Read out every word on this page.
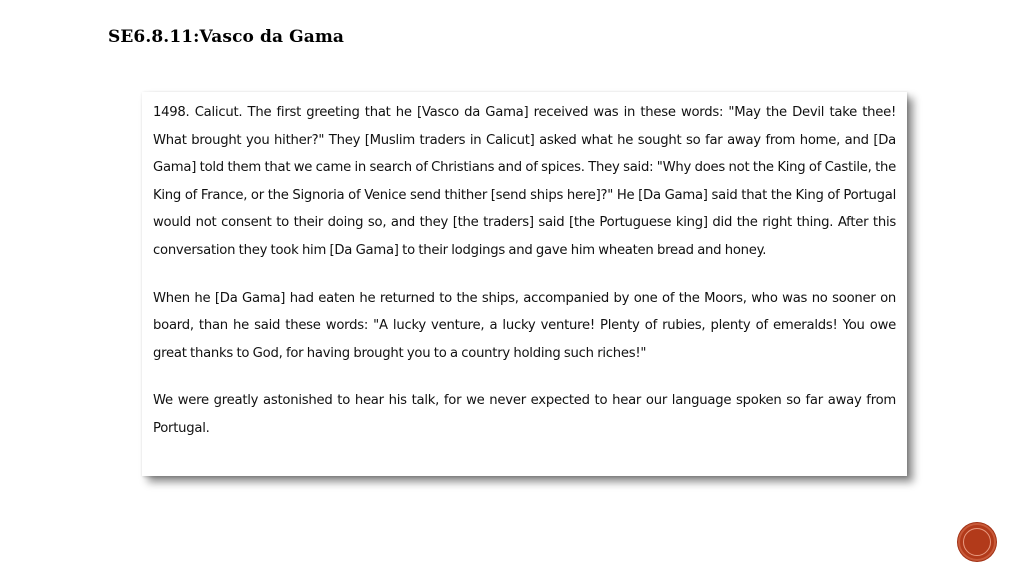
SE6.8.11:Vasco da Gama

1498. Calicut. The first greeting that he [Vasco da Gama] received was in these words: "May the Devil take thee! What brought you hither?" They [Muslim traders in Calicut] asked what he sought so far away from home, and [Da Gama] told them that we came in search of Christians and of spices. They said: "Why does not the King of Castile, the King of France, or the Signoria of Venice send thither [send ships here]?" He [Da Gama] said that the King of Portugal would not consent to their doing so, and they [the traders] said [the Portuguese king] did the right thing. After this conversation they took him [Da Gama] to their lodgings and gave him wheaten bread and honey.

When he [Da Gama] had eaten he returned to the ships, accompanied by one of the Moors, who was no sooner on board, than he said these words: "A lucky venture, a lucky venture! Plenty of rubies, plenty of emeralds! You owe great thanks to God, for having brought you to a country holding such riches!"

We were greatly astonished to hear his talk, for we never expected to hear our language spoken so far away from Portugal.
